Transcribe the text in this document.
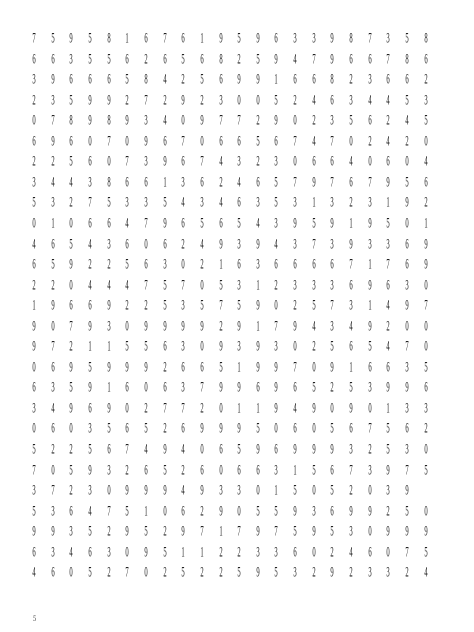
7 5 9 5 8 1 6 7 6 1 9 5 9 6 3 3 9 8 7 3 5 8
6 6 3 5 5 6 2 6 5 6 8 2 5 9 4 7 9 6 6 7 8 6
3 9 6 6 6 5 8 4 2 5 6 9 9 1 6 6 8 2 3 6 6 2
2 3 5 9 9 2 7 2 9 2 3 0 0 5 2 4 6 3 4 4 5 3
0 7 8 9 8 9 3 4 0 9 7 7 2 9 0 2 3 5 6 2 4 5
6 9 6 0 7 0 9 6 7 0 6 6 5 6 7 4 7 0 2 4 2 0
2 2 5 6 0 7 3 9 6 7 4 3 2 3 0 6 6 4 0 6 0 4
3 4 4 3 8 6 6 1 3 6 2 4 6 5 7 9 7 6 7 9 5 6
5 3 2 7 5 3 3 5 4 3 4 6 3 5 3 1 3 2 3 1 9 2
0 1 0 6 6 4 7 9 6 5 6 5 4 3 9 5 9 1 9 5 0 1
4 6 5 4 3 6 0 6 2 4 9 3 9 4 3 7 3 9 3 3 6 9
6 5 9 2 2 5 6 3 0 2 1 6 3 6 6 6 6 7 1 7 6 9
2 2 0 4 4 4 7 5 7 0 5 3 1 2 3 3 3 6 9 6 3 0
1 9 6 6 9 2 2 5 3 5 7 5 9 0 2 5 7 3 1 4 9 7
9 0 7 9 3 0 9 9 9 9 2 9 1 7 9 4 3 4 9 2 0 0
9 7 2 1 1 5 5 6 3 0 9 3 9 3 0 2 5 6 5 4 7 0
0 6 9 5 9 9 9 2 6 6 5 1 9 9 7 0 9 1 6 6 3 5
6 3 5 9 1 6 0 6 3 7 9 9 6 9 6 5 2 5 3 9 9 6
3 4 9 6 9 0 2 7 7 2 0 1 1 9 4 9 0 9 0 1 3 3
0 6 0 3 5 6 5 2 6 9 9 9 5 0 6 0 5 6 7 5 6 2
5 2 2 5 6 7 4 9 4 0 6 5 9 6 9 9 9 3 2 5 3 0
7 0 5 9 3 2 6 5 2 6 0 6 6 3 1 5 6 7 3 9 7 5
3 7 2 3 0 9 9 9 4 9 3 3 0 1 5 0 5 2 0 3 9
5 3 6 4 7 5 1 0 6 2 9 0 5 5 9 3 6 9 9 2 5 0
9 9 3 5 2 9 5 2 9 7 1 7 9 7 5 9 5 3 0 9 9 9
6 3 4 6 3 0 9 5 1 1 2 2 3 3 6 0 2 4 6 0 7 5
4 6 0 5 2 7 0 2 5 2 2 5 9 5 3 2 9 2 3 3 2 4
5
